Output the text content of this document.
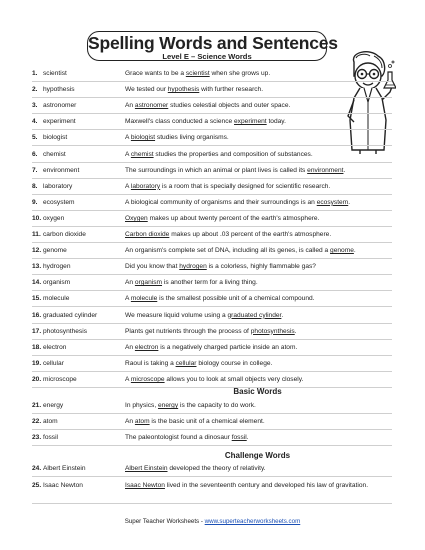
Spelling Words and Sentences
Level E – Science Words
1. scientist	Grace wants to be a scientist when she grows up.
2. hypothesis	We tested our hypothesis with further research.
3. astronomer	An astronomer studies celestial objects and outer space.
4. experiment	Maxwell's class conducted a science experiment today.
5. biologist	A biologist studies living organisms.
6. chemist	A chemist studies the properties and composition of substances.
7. environment	The surroundings in which an animal or plant lives is called its environment.
8. laboratory	A laboratory is a room that is specially designed for scientific research.
9. ecosystem	A biological community of organisms and their surroundings is an ecosystem.
10. oxygen	Oxygen makes up about twenty percent of the earth's atmosphere.
11. carbon dioxide	Carbon dioxide makes up about .03 percent of the earth's atmosphere.
12. genome	An organism's complete set of DNA, including all its genes, is called a genome.
13. hydrogen	Did you know that hydrogen is a colorless, highly flammable gas?
14. organism	An organism is another term for a living thing.
15. molecule	A molecule is the smallest possible unit of a chemical compound.
16. graduated cylinder	We measure liquid volume using a graduated cylinder.
17. photosynthesis	Plants get nutrients through the process of photosynthesis.
18. electron	An electron is a negatively charged particle inside an atom.
19. cellular	Raoul is taking a cellular biology course in college.
20. microscope	A microscope allows you to look at small objects very closely.
21. energy	In physics, energy is the capacity to do work.
22. atom	An atom is the basic unit of a chemical element.
23. fossil	The paleontologist found a dinosaur fossil.
24. Albert Einstein	Albert Einstein developed the theory of relativity.
25. Isaac Newton	Isaac Newton lived in the seventeenth century and developed his law of gravitation.
Basic Words
Challenge Words
Super Teacher Worksheets - www.superteacherworksheets.com
